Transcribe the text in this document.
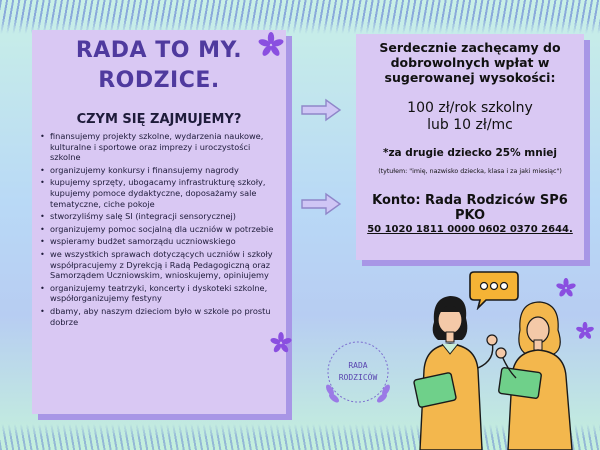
RADA TO MY.
RODZICE.
CZYM SIĘ ZAJMUJEMY?
• finansujemy projekty szkolne, wydarzenia naukowe, kulturalne i sportowe oraz imprezy i uroczystości szkolne
• organizujemy konkursy i finansujemy nagrody
• kupujemy sprzęty, ubogacamy infrastrukturę szkoły, kupujemy pomoce dydaktyczne, doposażamy sale tematyczne, ciche pokoje
• stworzyliśmy salę SI (integracji sensorycznej)
• organizujemy pomoc socjalną dla uczniów w potrzebie
• wspieramy budżet samorządu uczniowskiego
• we wszystkich sprawach dotyczących uczniów i szkoły współpracujemy z Dyrekcją i Radą Pedagogiczną oraz Samorządem Uczniowskim, wnioskujemy, opiniujemy
• organizujemy teatrzyki, koncerty i dyskoteki szkolne, współorganizujemy festyny
• dbamy, aby naszym dzieciom było w szkole po prostu dobrze
Serdecznie zachęcamy do
dobrowolnych wpłat w
sugerowanej wysokości:
100 zł/rok szkolny
lub 10 zł/mc
*za drugie dziecko 25% mniej
(tytułem: "imię, nazwisko dziecka, klasa i za jaki miesiąc")
Konto: Rada Rodziców SP6
PKO
50 1020 1811 0000 0602 0370 2644.
RADA
RODZICÓW
